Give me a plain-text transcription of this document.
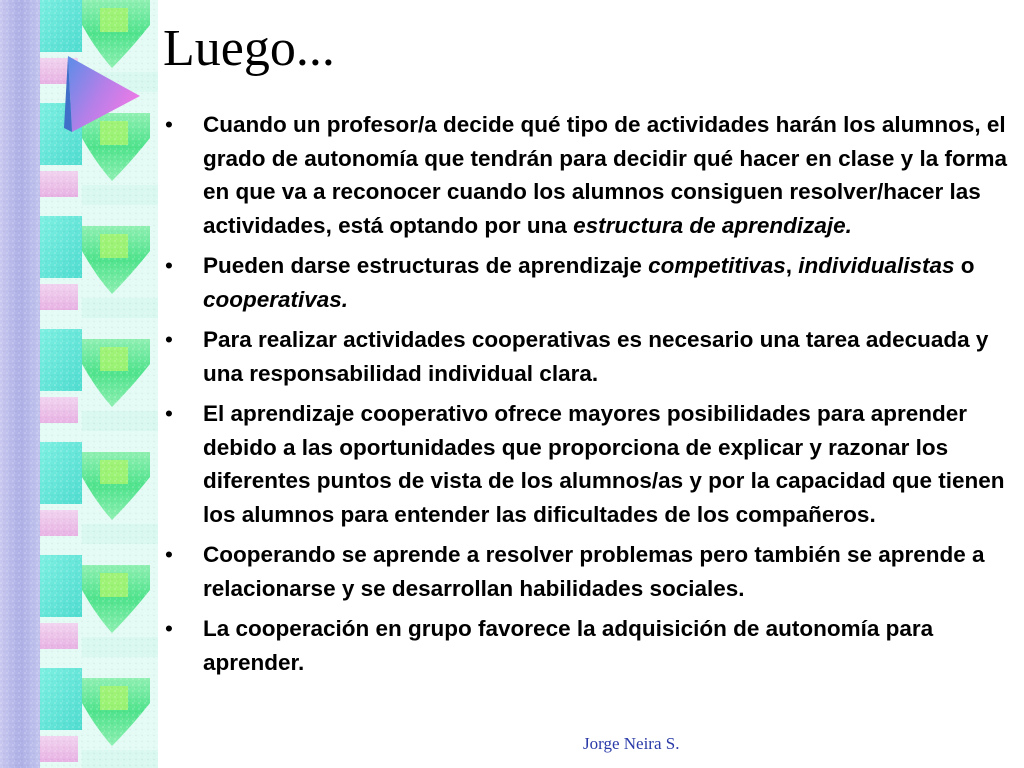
Luego...
• Cuando un profesor/a decide qué tipo de actividades harán los alumnos, el grado de autonomía que tendrán para decidir qué hacer en clase y la forma en que va a reconocer cuando los alumnos consiguen resolver/hacer las actividades, está optando por una estructura de aprendizaje.
• Pueden darse estructuras de aprendizaje competitivas, individualistas o cooperativas.
• Para realizar actividades cooperativas es necesario una tarea adecuada y una responsabilidad individual clara.
• El aprendizaje cooperativo ofrece mayores posibilidades para aprender debido a las oportunidades que proporciona de explicar y razonar los diferentes puntos de vista de los alumnos/as y por la capacidad que tienen los alumnos para entender las dificultades de los compañeros.
• Cooperando se aprende a resolver problemas pero también se aprende a relacionarse y se desarrollan habilidades sociales.
• La cooperación en grupo favorece la adquisición de autonomía para aprender.
Jorge Neira S.
